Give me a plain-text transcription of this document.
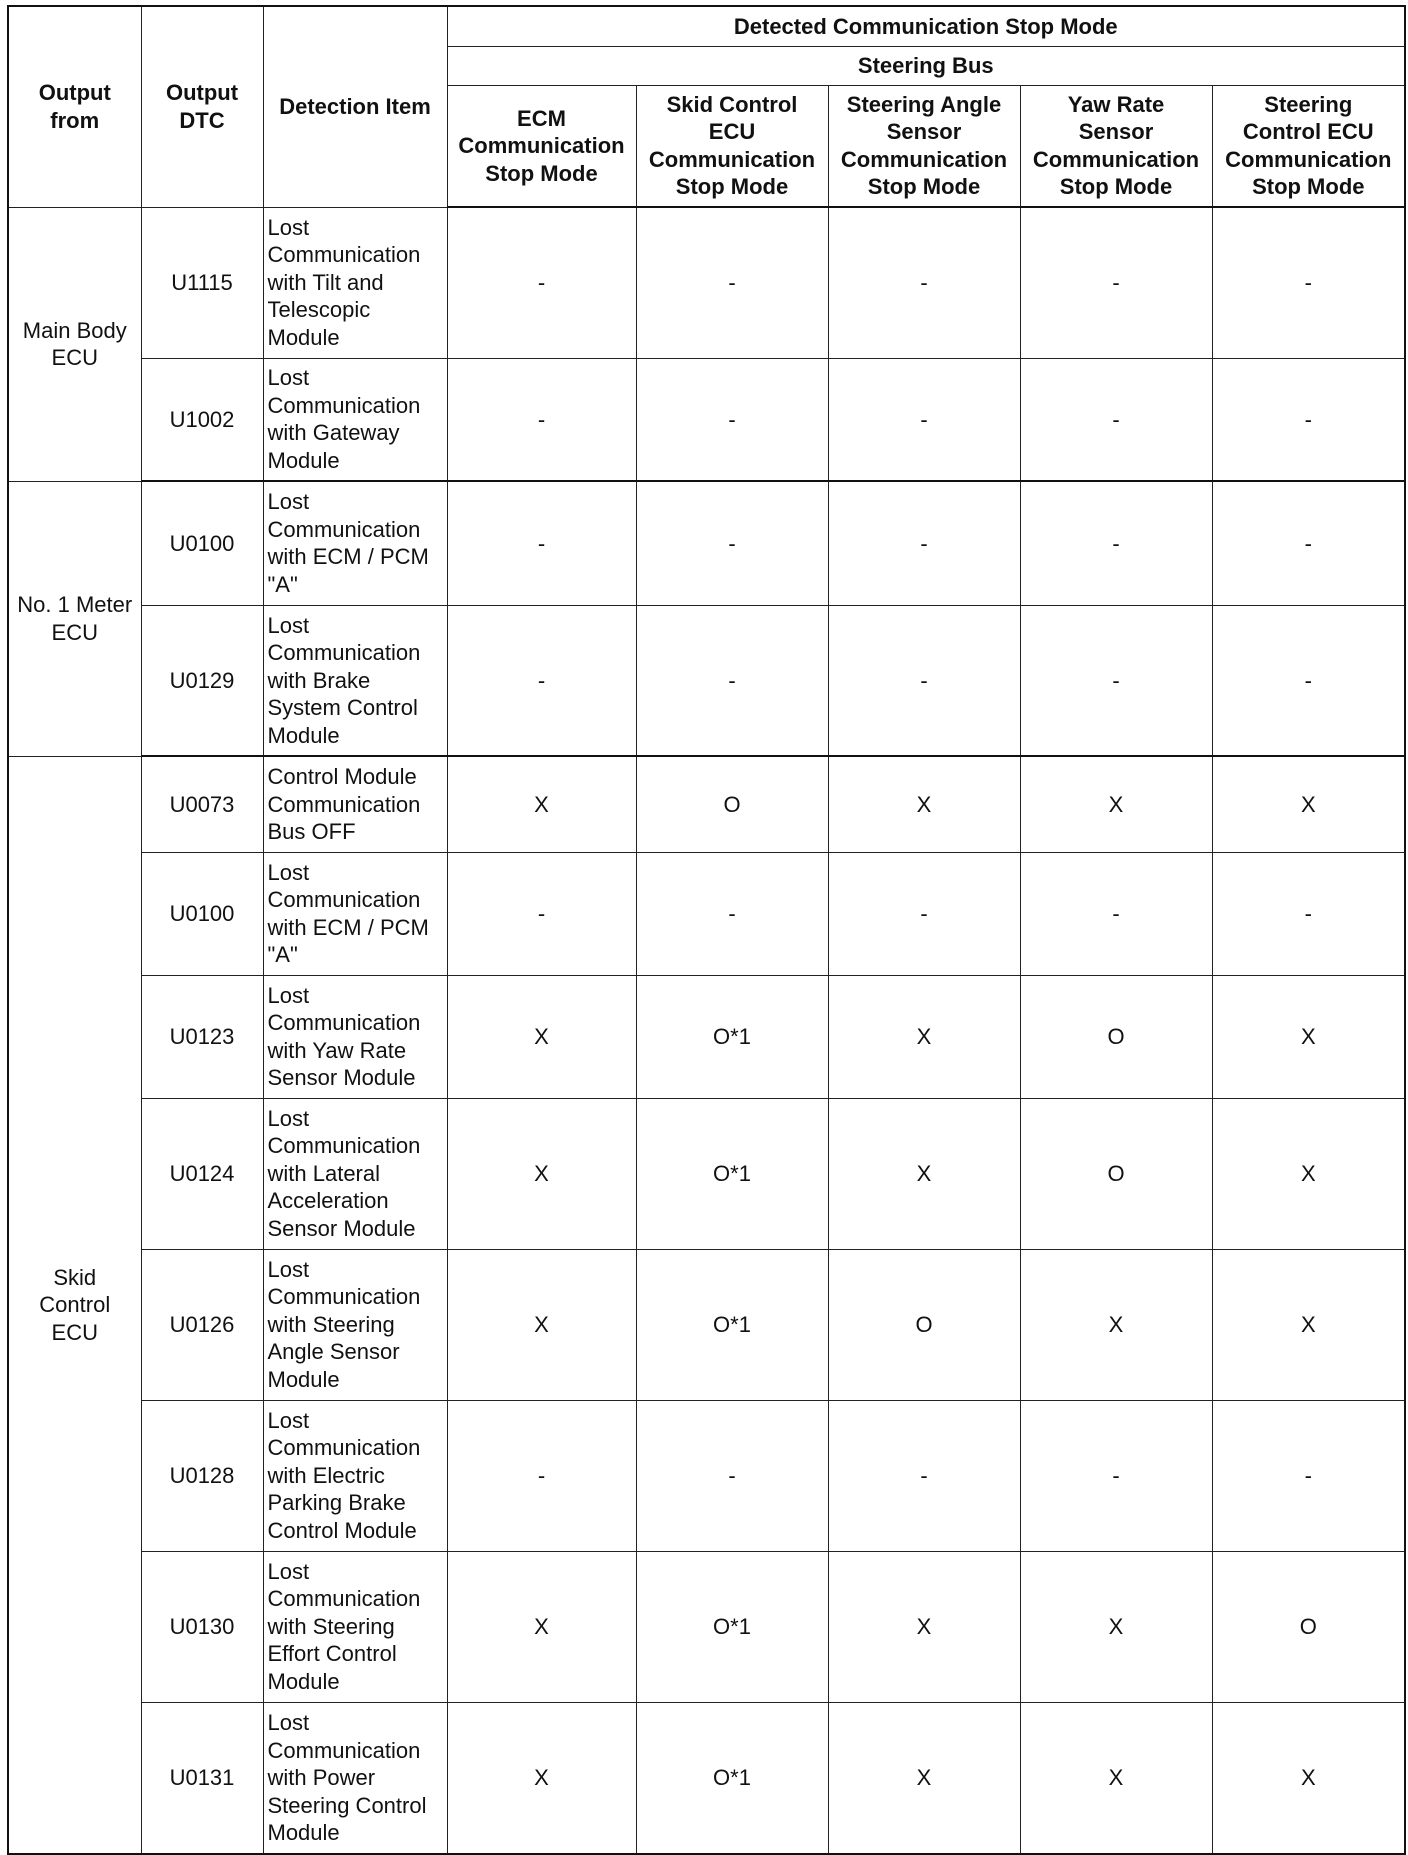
Output
from	Output
DTC	Detection Item	Detected Communication Stop Mode				
			Steering Bus				
			ECM
Communication
Stop Mode	Skid Control
ECU
Communication
Stop Mode	Steering Angle
Sensor
Communication
Stop Mode	Yaw Rate
Sensor
Communication
Stop Mode	Steering
Control ECU
Communication
Stop Mode
Main Body
ECU	U1115	Lost
Communication
with Tilt and
Telescopic
Module	-	-	-	-	-
	U1002	Lost
Communication
with Gateway
Module	-	-	-	-	-
No. 1 Meter
ECU	U0100	Lost
Communication
with ECM / PCM
"A"	-	-	-	-	-
	U0129	Lost
Communication
with Brake
System Control
Module	-	-	-	-	-
Skid
Control
ECU	U0073	Control Module
Communication
Bus OFF	X	O	X	X	X
	U0100	Lost
Communication
with ECM / PCM
"A"	-	-	-	-	-
	U0123	Lost
Communication
with Yaw Rate
Sensor Module	X	O*1	X	O	X
	U0124	Lost
Communication
with Lateral
Acceleration
Sensor Module	X	O*1	X	O	X
	U0126	Lost
Communication
with Steering
Angle Sensor
Module	X	O*1	O	X	X
	U0128	Lost
Communication
with Electric
Parking Brake
Control Module	-	-	-	-	-
	U0130	Lost
Communication
with Steering
Effort Control
Module	X	O*1	X	X	O
	U0131	Lost
Communication
with Power
Steering Control
Module	X	O*1	X	X	X
